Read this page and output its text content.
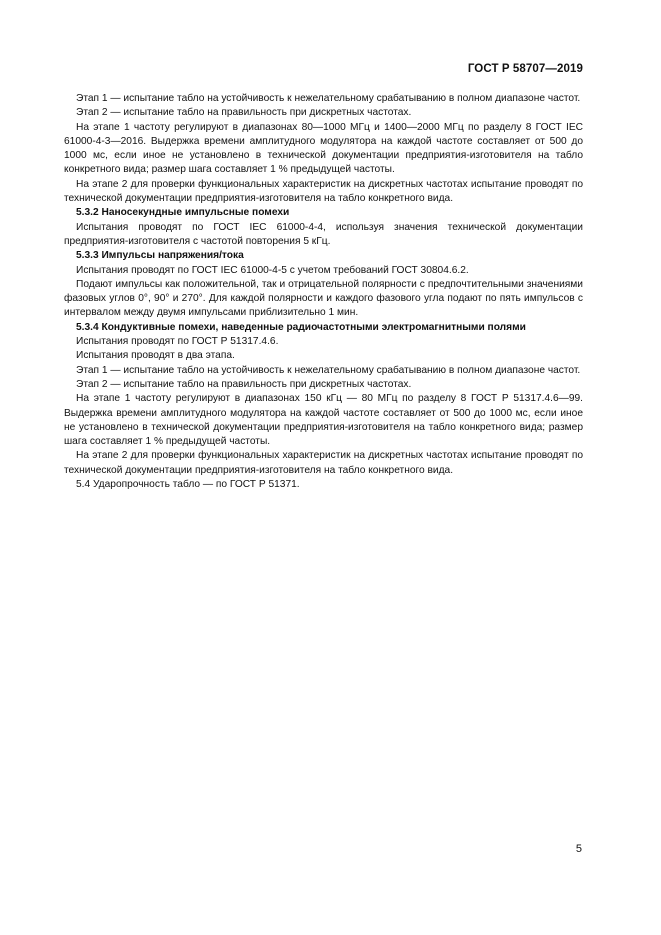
ГОСТ Р 58707—2019

Этап 1 — испытание табло на устойчивость к нежелательному срабатыванию в полном диапазоне частот.

Этап 2 — испытание табло на правильность при дискретных частотах.

На этапе 1 частоту регулируют в диапазонах 80—1000 МГц и 1400—2000 МГц по разделу 8 ГОСТ IEC 61000-4-3—2016. Выдержка времени амплитудного модулятора на каждой частоте составляет от 500 до 1000 мс, если иное не установлено в технической документации предприятия-изготовителя на табло конкретного вида; размер шага составляет 1 % предыдущей частоты.

На этапе 2 для проверки функциональных характеристик на дискретных частотах испытание проводят по технической документации предприятия-изготовителя на табло конкретного вида.

5.3.2 Наносекундные импульсные помехи

Испытания проводят по ГОСТ IEC 61000-4-4, используя значения технической документации предприятия-изготовителя с частотой повторения 5 кГц.

5.3.3 Импульсы напряжения/тока

Испытания проводят по ГОСТ IEC 61000-4-5 с учетом требований ГОСТ 30804.6.2.

Подают импульсы как положительной, так и отрицательной полярности с предпочтительными значениями фазовых углов 0°, 90° и 270°. Для каждой полярности и каждого фазового угла подают по пять импульсов с интервалом между двумя импульсами приблизительно 1 мин.

5.3.4 Кондуктивные помехи, наведенные радиочастотными электромагнитными полями

Испытания проводят по ГОСТ Р 51317.4.6.

Испытания проводят в два этапа.

Этап 1 — испытание табло на устойчивость к нежелательному срабатыванию в полном диапазоне частот.

Этап 2 — испытание табло на правильность при дискретных частотах.

На этапе 1 частоту регулируют в диапазонах 150 кГц — 80 МГц по разделу 8 ГОСТ Р 51317.4.6—99. Выдержка времени амплитудного модулятора на каждой частоте составляет от 500 до 1000 мс, если иное не установлено в технической документации предприятия-изготовителя на табло конкретного вида; размер шага составляет 1 % предыдущей частоты.

На этапе 2 для проверки функциональных характеристик на дискретных частотах испытание проводят по технической документации предприятия-изготовителя на табло конкретного вида.

5.4 Ударопрочность табло — по ГОСТ Р 51371.

5
